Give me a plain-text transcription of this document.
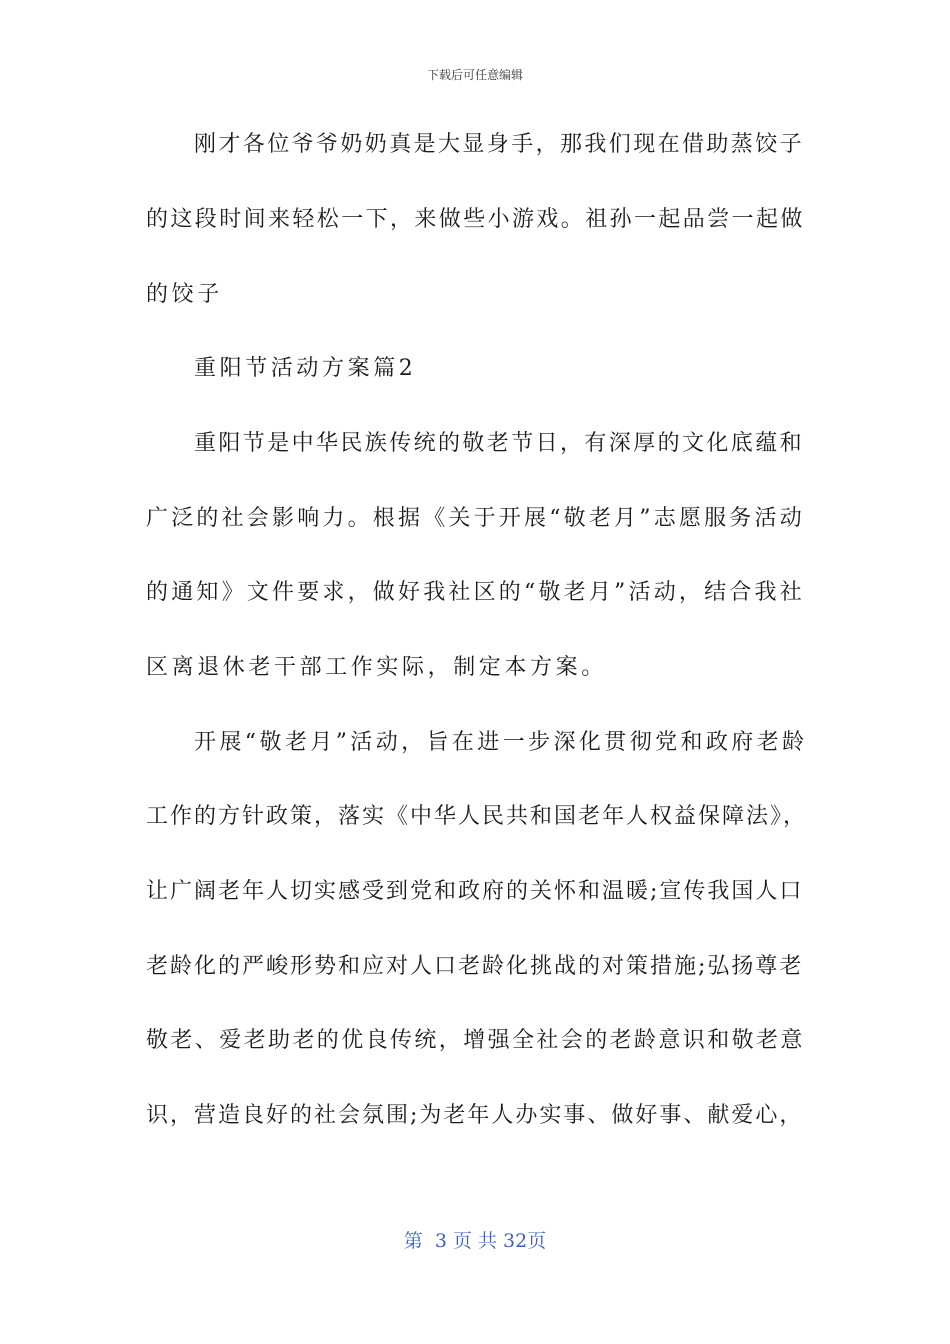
下载后可任意编辑
刚才各位爷爷奶奶真是大显身手，那我们现在借助蒸饺子
的这段时间来轻松一下，来做些小游戏。祖孙一起品尝一起做
的饺子
重阳节活动方案篇2
重阳节是中华民族传统的敬老节日，有深厚的文化底蕴和
广泛的社会影响力。根据《关于开展“敬老月”志愿服务活动
的通知》文件要求，做好我社区的“敬老月”活动，结合我社
区离退休老干部工作实际，制定本方案。
开展“敬老月”活动，旨在进一步深化贯彻党和政府老龄
工作的方针政策，落实《中华人民共和国老年人权益保障法》，
让广阔老年人切实感受到党和政府的关怀和温暖;宣传我国人口
老龄化的严峻形势和应对人口老龄化挑战的对策措施;弘扬尊老
敬老、爱老助老的优良传统，增强全社会的老龄意识和敬老意
识，营造良好的社会氛围;为老年人办实事、做好事、献爱心，
第  3 页 共 32页
